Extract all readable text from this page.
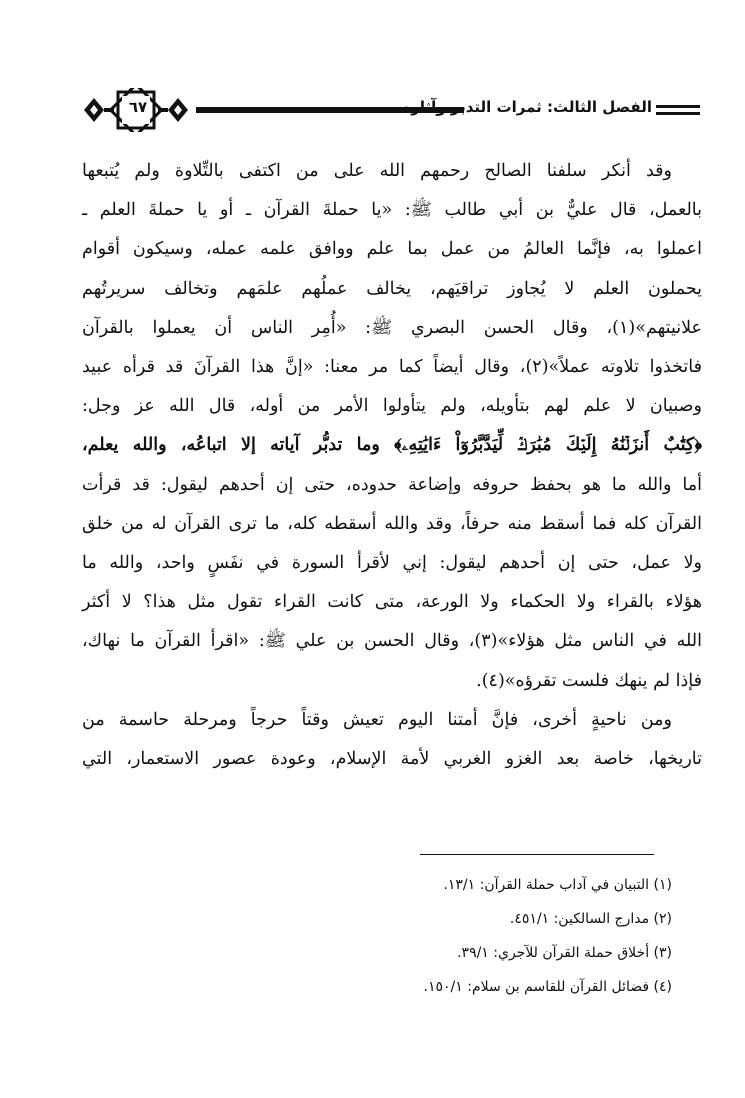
٦٧	الفصل الثالث: ثمرات التدبر وآثاره
وقد أنكر سلفنا الصالح رحمهم الله على من اكتفى بالتِّلاوة ولم يُتبعها
بالعمل، قال عليٌّ بن أبي طالب ﷺ: «يا حملةَ القرآن ـ أو يا حملةَ العلم ـ
اعملوا به، فإنَّما العالمُ من عمل بما علم ووافق علمه عمله، وسيكون أقوام
يحملون العلم لا يُجاوز تراقيَهم، يخالف عملُهم علمَهم وتخالف سريرتُهم
علانيتهم»(١)، وقال الحسن البصري ﷺ: «أُمِر الناس أن يعملوا بالقرآن
فاتخذوا تلاوته عملاً»(٢)، وقال أيضاً كما مر معنا: «إنَّ هذا القرآنَ قد قرأه عبيد
وصبيان لا علم لهم بتأويله، ولم يتأولوا الأمر من أوله، قال الله عز وجل:
﴿كِتَٰبٌ أَنزَلۡنَٰهُ إِلَيۡكَ مُبَٰرَكٞ لِّيَدَّبَّرُوٓاْ ءَايَٰتِهِۦ﴾ وما تدبُّر آياته إلا اتباعُه، والله يعلم،
أما والله ما هو بحفظ حروفه وإضاعة حدوده، حتى إن أحدهم ليقول: قد قرأت
القرآن كله فما أسقط منه حرفاً، وقد والله أسقطه كله، ما ترى القرآن له من خلق
ولا عمل، حتى إن أحدهم ليقول: إني لأقرأ السورة في نفَسٍ واحد، والله ما
هؤلاء بالقراء ولا الحكماء ولا الورعة، متى كانت القراء تقول مثل هذا؟ لا أكثر
الله في الناس مثل هؤلاء»(٣)، وقال الحسن بن علي ﷺ: «اقرأ القرآن ما نهاك،
فإذا لم ينهك فلست تقرؤه»(٤).
ومن ناحيةٍ أخرى، فإنَّ أمتنا اليوم تعيش وقتاً حرجاً ومرحلة حاسمة من
تاريخها، خاصة بعد الغزو الغربي لأمة الإسلام، وعودة عصور الاستعمار، التي
(١) التبيان في آداب حملة القرآن: ١٣/١.
(٢) مدارج السالكين: ٤٥١/١.
(٣) أخلاق حملة القرآن للآجري: ٣٩/١.
(٤) فضائل القرآن للقاسم بن سلام: ١٥٠/١.
